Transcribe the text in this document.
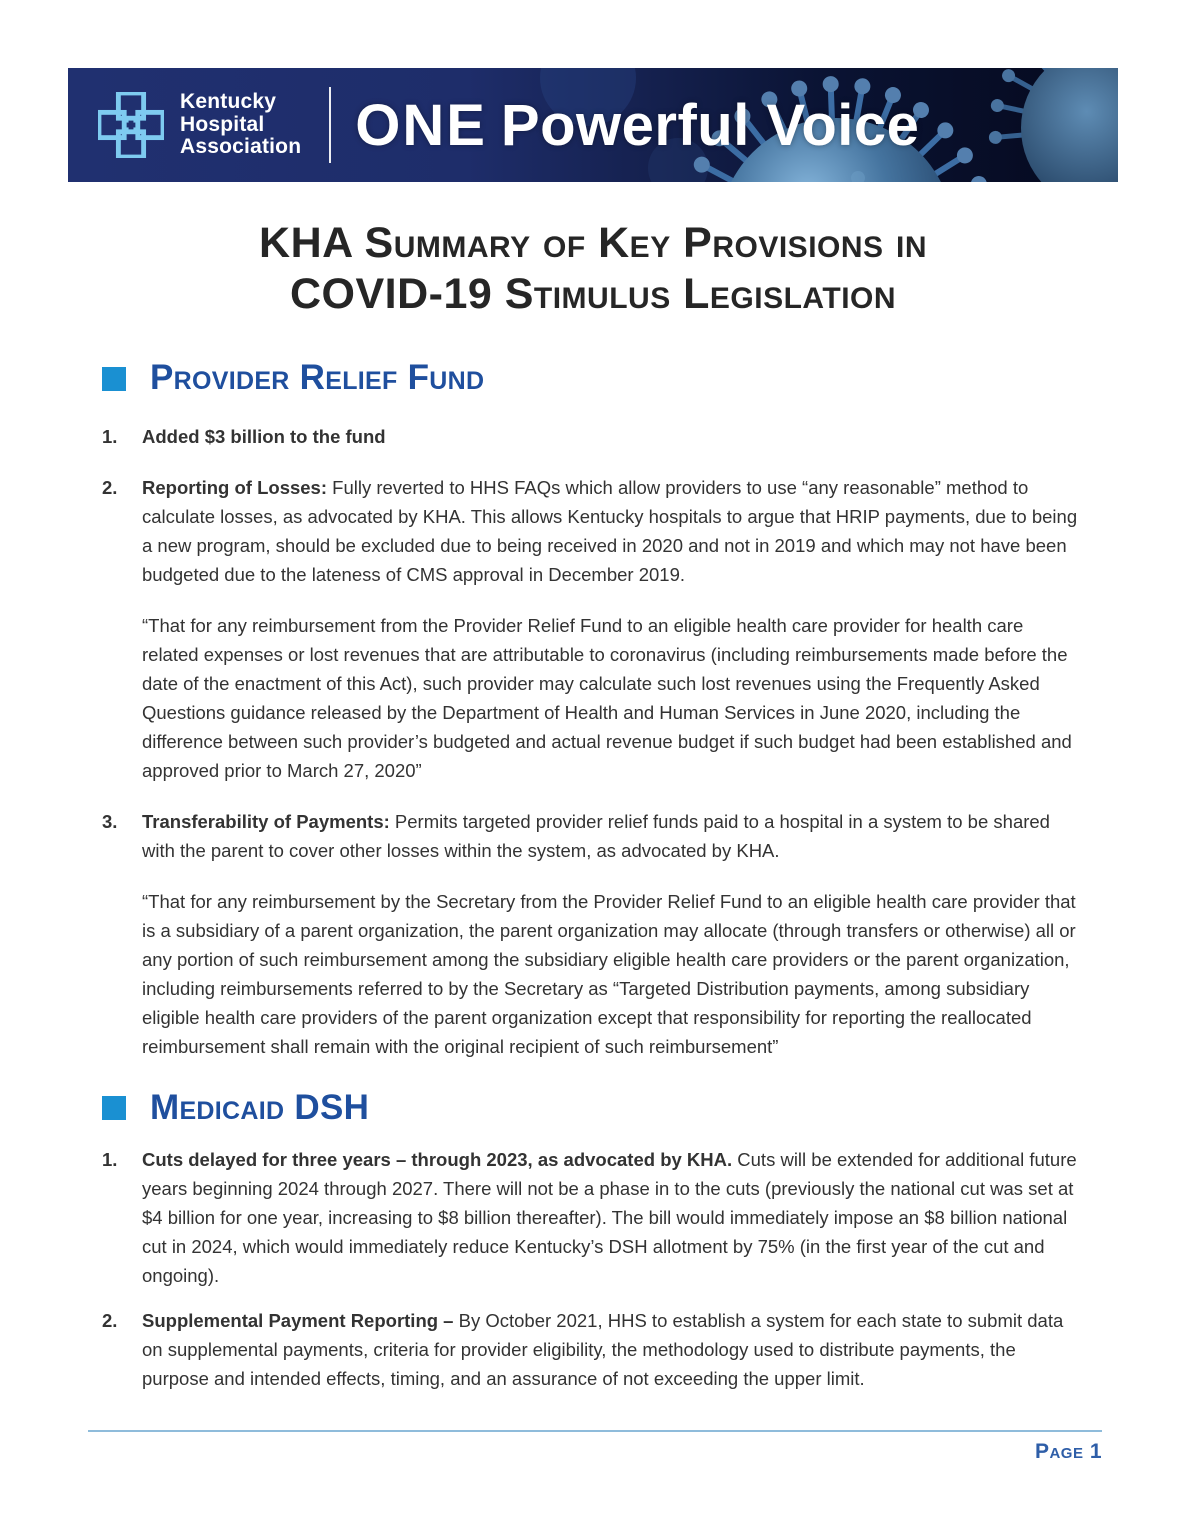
Kentucky
Hospital
Association ONE Powerful Voice
KHA Summary of Key Provisions in
COVID-19 Stimulus Legislation
Provider Relief Fund
1.	Added $3 billion to the fund

2.	Reporting of Losses: Fully reverted to HHS FAQs which allow providers to use “any reasonable” method to calculate losses, as advocated by KHA. This allows Kentucky hospitals to argue that HRIP payments, due to being a new program, should be excluded due to being received in 2020 and not in 2019 and which may not have been budgeted due to the lateness of CMS approval in December 2019.

“That for any reimbursement from the Provider Relief Fund to an eligible health care provider for health care related expenses or lost revenues that are attributable to coronavirus (including reimbursements made before the date of the enactment of this Act), such provider may calculate such lost revenues using the Frequently Asked Questions guidance released by the Department of Health and Human Services in June 2020, including the difference between such provider’s budgeted and actual revenue budget if such budget had been established and approved prior to March 27, 2020”

3.	Transferability of Payments: Permits targeted provider relief funds paid to a hospital in a system to be shared with the parent to cover other losses within the system, as advocated by KHA.

“That for any reimbursement by the Secretary from the Provider Relief Fund to an eligible health care provider that is a subsidiary of a parent organization, the parent organization may allocate (through transfers or otherwise) all or any portion of such reimbursement among the subsidiary eligible health care providers or the parent organization, including reimbursements referred to by the Secretary as “Targeted Distribution payments, among subsidiary eligible health care providers of the parent organization except that responsibility for reporting the reallocated reimbursement shall remain with the original recipient of such reimbursement”

Medicaid DSH
1.	Cuts delayed for three years – through 2023, as advocated by KHA. Cuts will be extended for additional future years beginning 2024 through 2027. There will not be a phase in to the cuts (previously the national cut was set at $4 billion for one year, increasing to $8 billion thereafter). The bill would immediately impose an $8 billion national cut in 2024, which would immediately reduce Kentucky’s DSH allotment by 75% (in the first year of the cut and ongoing).

2.	Supplemental Payment Reporting – By October 2021, HHS to establish a system for each state to submit data on supplemental payments, criteria for provider eligibility, the methodology used to distribute payments, the purpose and intended effects, timing, and an assurance of not exceeding the upper limit.

Page 1
